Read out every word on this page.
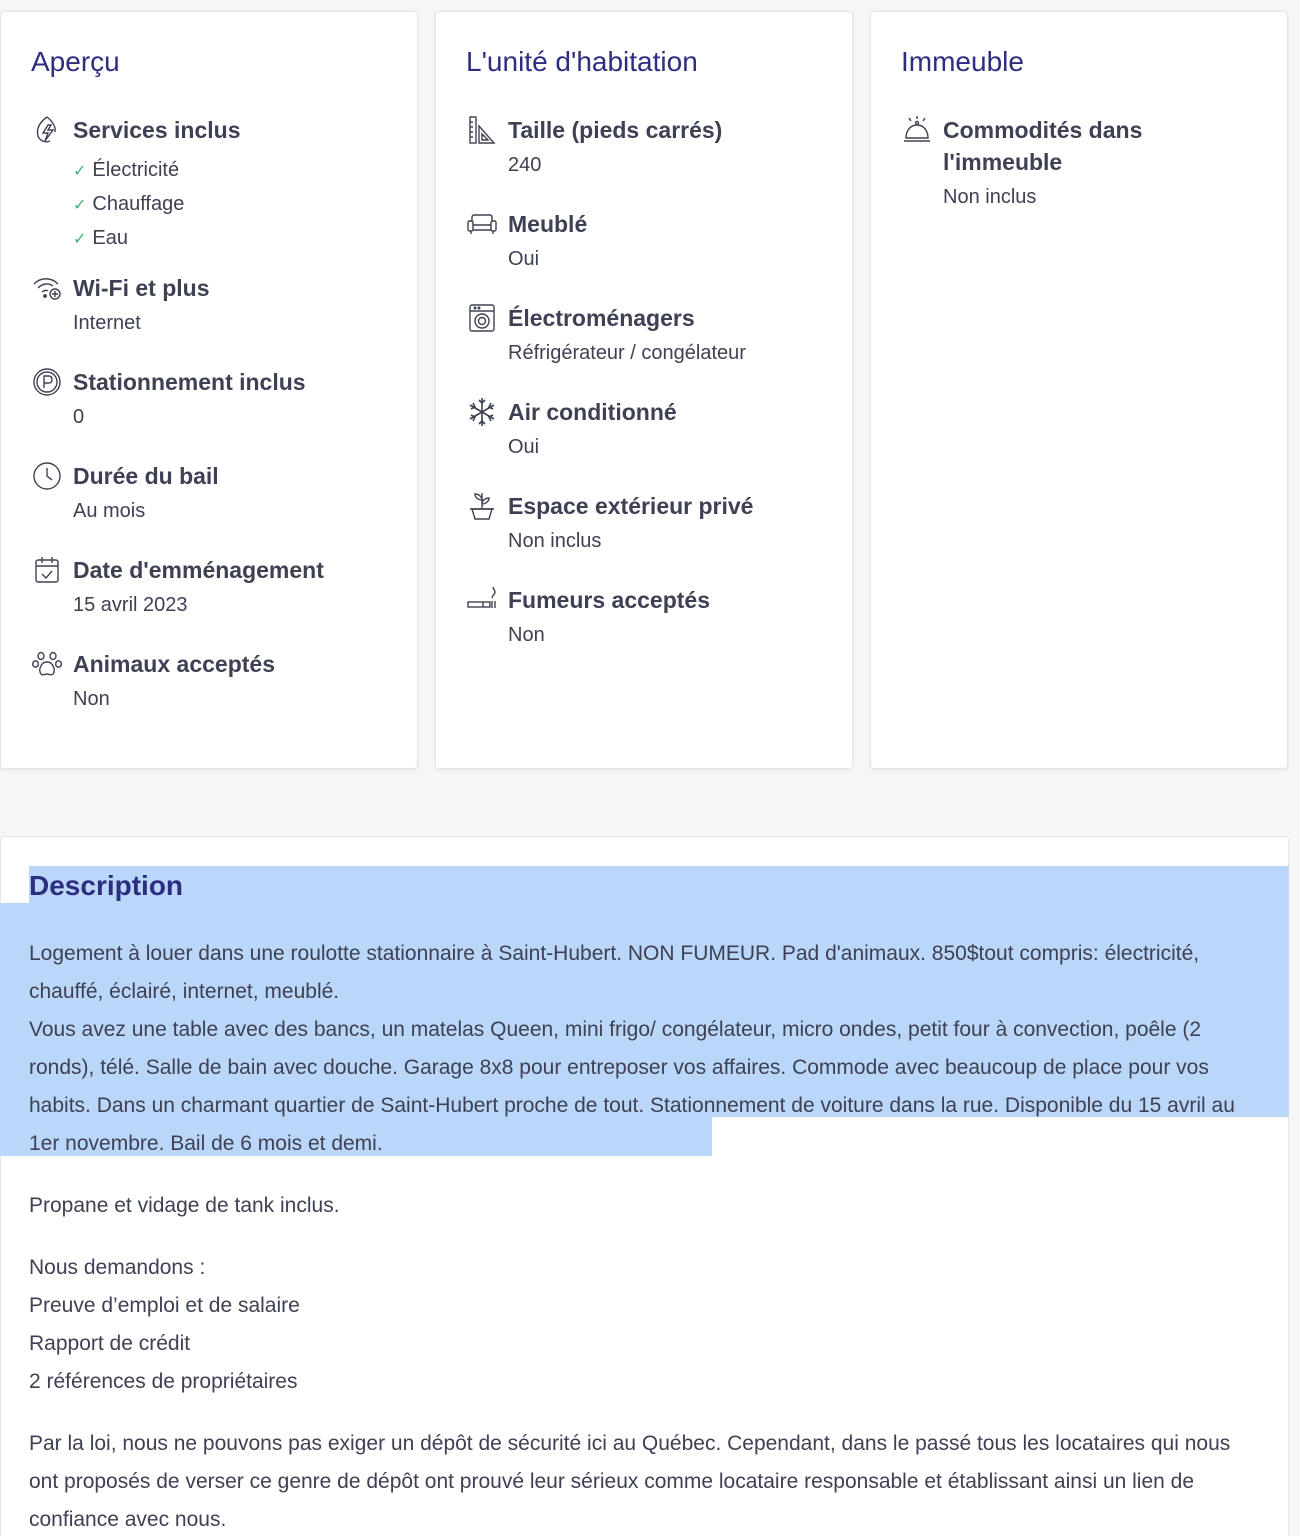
Aperçu
Services inclus
✓ Électricité
✓ Chauffage
✓ Eau
Wi-Fi et plus
Internet
Stationnement inclus
0
Durée du bail
Au mois
Date d'emménagement
15 avril 2023
Animaux acceptés
Non
L'unité d'habitation
Taille (pieds carrés)
240
Meublé
Oui
Électroménagers
Réfrigérateur / congélateur
Air conditionné
Oui
Espace extérieur privé
Non inclus
Fumeurs acceptés
Non
Immeuble
Commodités dans l'immeuble
Non inclus
Description
Logement à louer dans une roulotte stationnaire à Saint-Hubert. NON FUMEUR. Pad d'animaux. 850$tout compris: électricité, chauffé, éclairé, internet, meublé.
Vous avez une table avec des bancs, un matelas Queen, mini frigo/ congélateur, micro ondes, petit four à convection, poêle (2 ronds), télé. Salle de bain avec douche. Garage 8x8 pour entreposer vos affaires. Commode avec beaucoup de place pour vos habits. Dans un charmant quartier de Saint-Hubert proche de tout. Stationnement de voiture dans la rue. Disponible du 15 avril au 1er novembre. Bail de 6 mois et demi.
Propane et vidage de tank inclus.
Nous demandons :
Preuve d’emploi et de salaire
Rapport de crédit
2 références de propriétaires
Par la loi, nous ne pouvons pas exiger un dépôt de sécurité ici au Québec. Cependant, dans le passé tous les locataires qui nous ont proposés de verser ce genre de dépôt ont prouvé leur sérieux comme locataire responsable et établissant ainsi un lien de confiance avec nous.
